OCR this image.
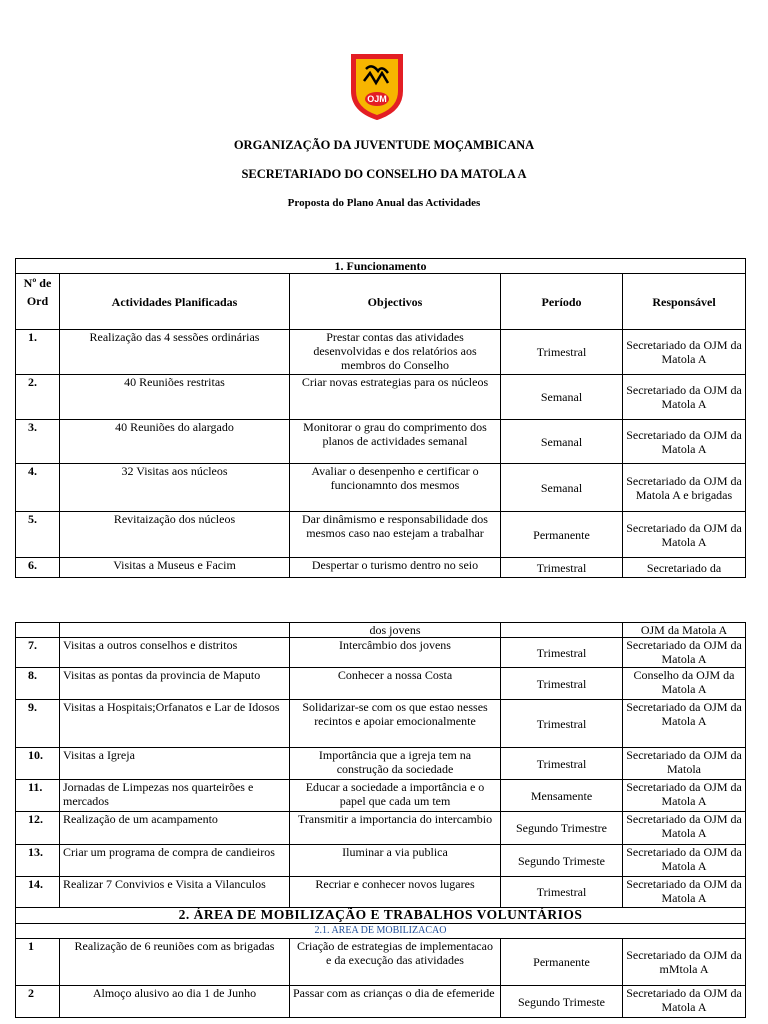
OJM
ORGANIZAÇÃO DA JUVENTUDE MOÇAMBICANA
SECRETARIADO DO CONSELHO DA MATOLA A
Proposta do Plano Anual das Actividades
1. Funcionamento				
Nº de Ord	Actividades Planificadas	Objectivos	Período	Responsável
1.	Realização das 4 sessões ordinárias	Prestar contas das atividades desenvolvidas e dos relatórios aos membros do Conselho	Trimestral	Secretariado da OJM da Matola A
2.	40 Reuniões restritas	Criar novas estrategias para os núcleos	Semanal	Secretariado da OJM da Matola A
3.	40 Reuniões do alargado	Monitorar o grau do comprimento dos planos de actividades semanal	Semanal	Secretariado da OJM da Matola A
4.	32 Visitas aos núcleos	Avaliar o desenpenho e certificar o funcionamnto dos mesmos	Semanal	Secretariado da OJM da Matola A e brigadas
5.	Revitaização dos núcleos	Dar dinâmismo e responsabilidade dos mesmos caso nao estejam a trabalhar	Permanente	Secretariado da OJM da Matola A
6.	Visitas a Museus e Facim	Despertar o turismo dentro no seio	Trimestral	Secretariado da
		dos jovens		OJM da Matola A
7.	Visitas a outros conselhos e distritos	Intercâmbio dos jovens	Trimestral	Secretariado da OJM da Matola A
8.	Visitas as pontas da provincia de Maputo	Conhecer a nossa Costa	Trimestral	Conselho da OJM da Matola A
9.	Visitas a Hospitais;Orfanatos e Lar de Idosos	Solidarizar-se com os que estao nesses recintos e apoiar emocionalmente	Trimestral	Secretariado da OJM da Matola A
10.	Visitas a Igreja	Importância que a igreja tem na construção da sociedade	Trimestral	Secretariado da OJM da Matola
11.	Jornadas de Limpezas nos quarteirões e mercados	Educar a sociedade a importância e o papel que cada um tem	Mensamente	Secretariado da OJM da Matola A
12.	Realização de um acampamento	Transmitir a importancia do intercambio	Segundo Trimestre	Secretariado da OJM da Matola A
13.	Criar um programa de compra de candieiros	Iluminar a via publica	Segundo Trimeste	Secretariado da OJM da Matola A
14.	Realizar 7 Convivios e Visita a Vilanculos	Recriar e conhecer novos lugares	Trimestral	Secretariado da OJM da Matola A
2. ÁREA DE MOBILIZAÇÃO E TRABALHOS VOLUNTÁRIOS				
2.1. AREA DE MOBILIZACAO				
1	Realização de 6 reuniões com as brigadas	Criação de estrategias de implementacao e da execução das atividades	Permanente	Secretariado da OJM da mMtola A
2	Almoço alusivo ao dia 1 de Junho	Passar com as crianças o dia de efemeride	Segundo Trimeste	Secretariado da OJM da Matola A
